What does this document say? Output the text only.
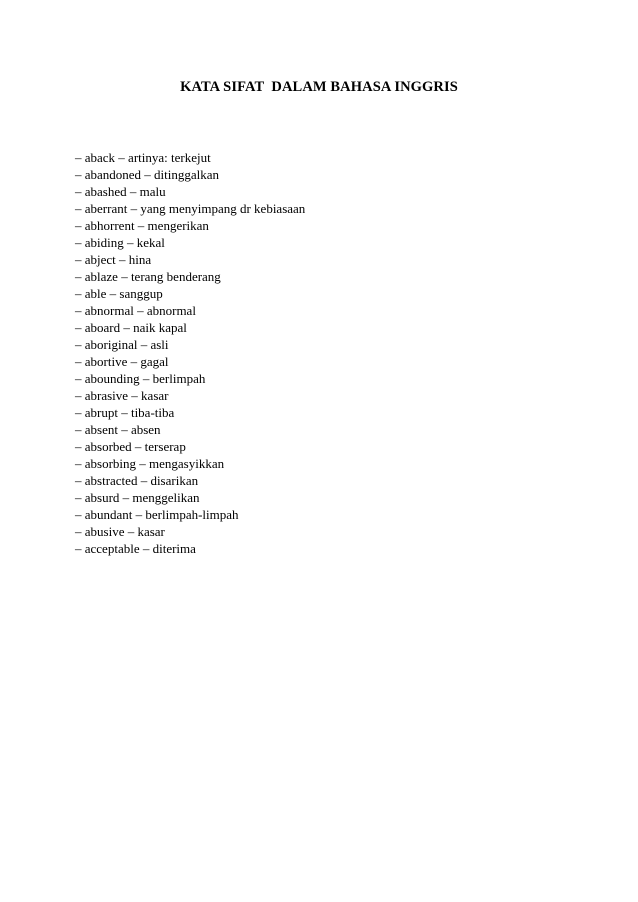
KATA SIFAT  DALAM BAHASA INGGRIS
– aback – artinya: terkejut
– abandoned – ditinggalkan
– abashed – malu
– aberrant – yang menyimpang dr kebiasaan
– abhorrent – mengerikan
– abiding – kekal
– abject – hina
– ablaze – terang benderang
– able – sanggup
– abnormal – abnormal
– aboard – naik kapal
– aboriginal – asli
– abortive – gagal
– abounding – berlimpah
– abrasive – kasar
– abrupt – tiba-tiba
– absent – absen
– absorbed – terserap
– absorbing – mengasyikkan
– abstracted – disarikan
– absurd – menggelikan
– abundant – berlimpah-limpah
– abusive – kasar
– acceptable – diterima
